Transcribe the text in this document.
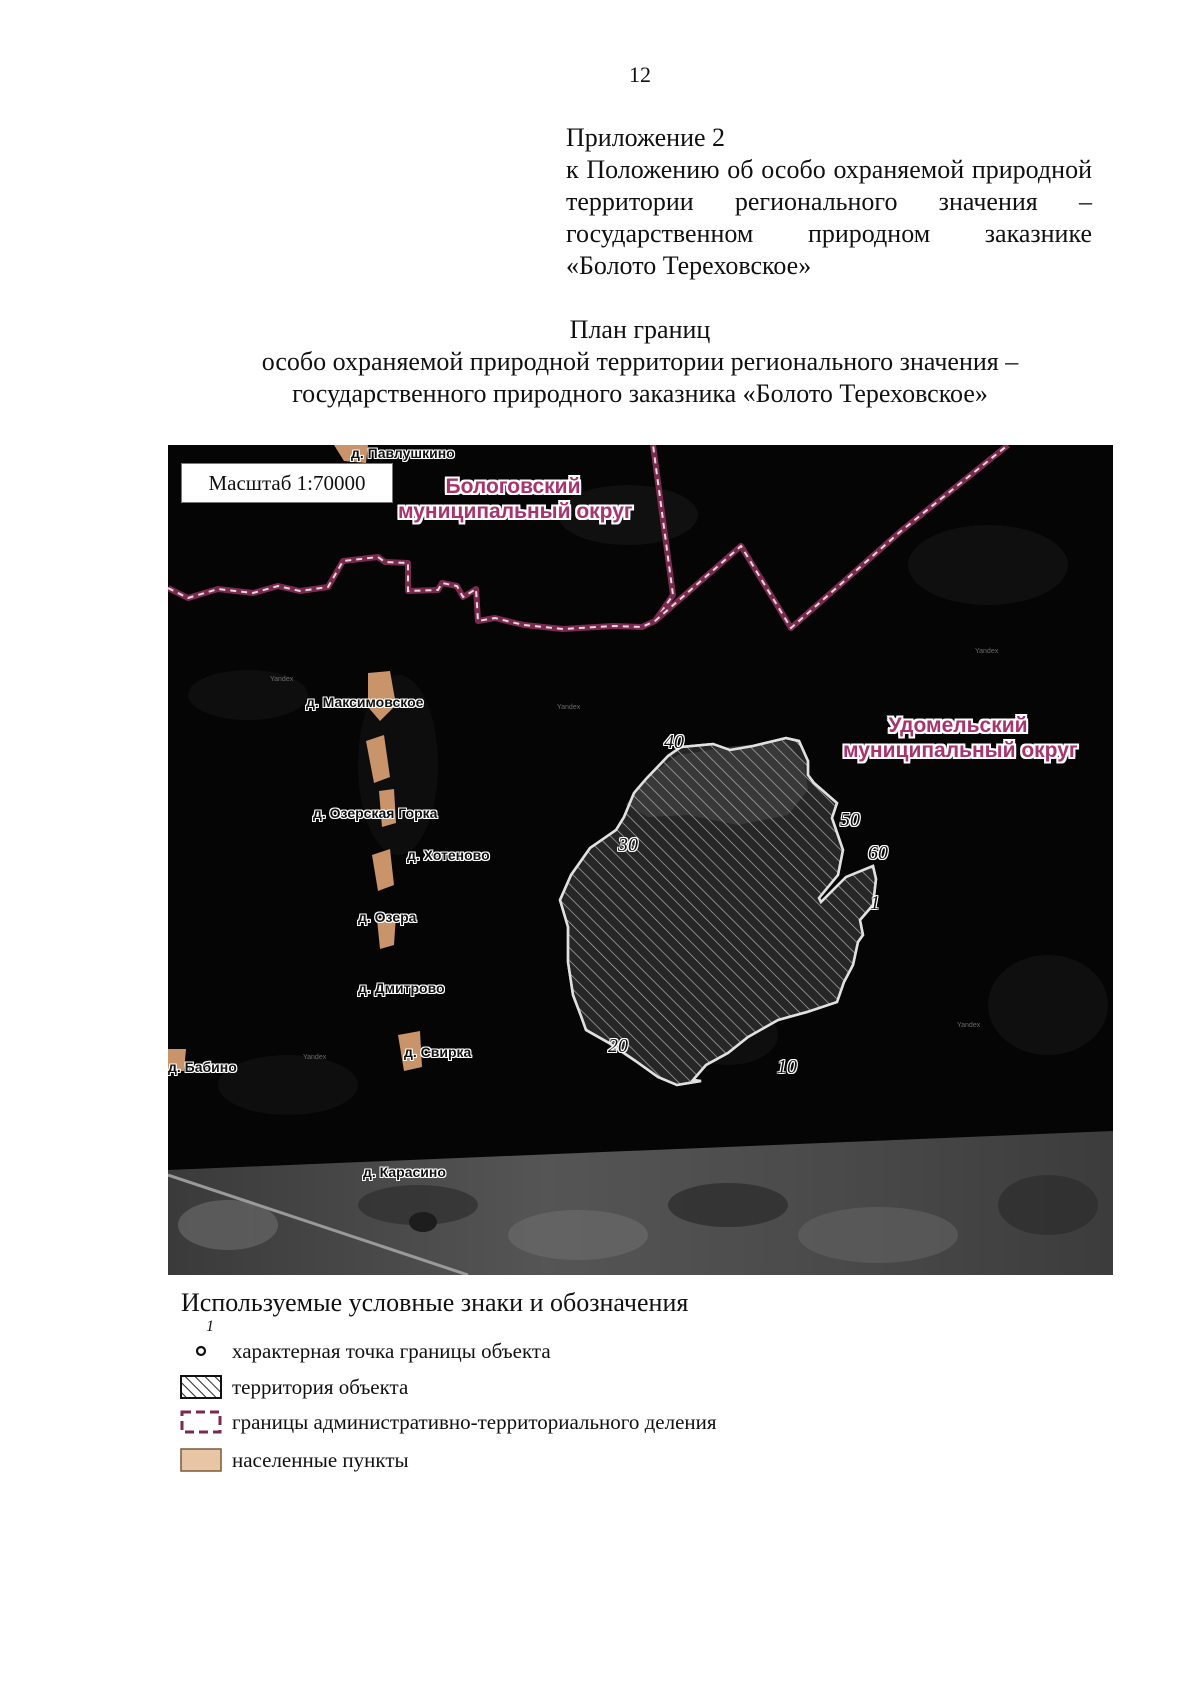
12
Приложение 2
к Положению об особо охраняемой природной территории регионального значения – государственном природном заказнике «Болото Тереховское»
План границ
особо охраняемой природной территории регионального значения –
государственного природного заказника «Болото Тереховское»
Yandex
Yandex
Yandex
Yandex
Yandex
Масштаб 1:70000	Бологовский
муниципальный округ
Удомельский
муниципальный округ
д. Павлушкино
д. Максимовское
д. Озерская Горка
д. Хотеново
д. Озера
д. Дмитрово
д. Свирка
д. Бабино
д. Карасино
40
30
50
60
1
20
10
Используемые условные знаки и обозначения
1
характерная точка границы объекта
территория объекта
границы административно-территориального деления
населенные пункты
